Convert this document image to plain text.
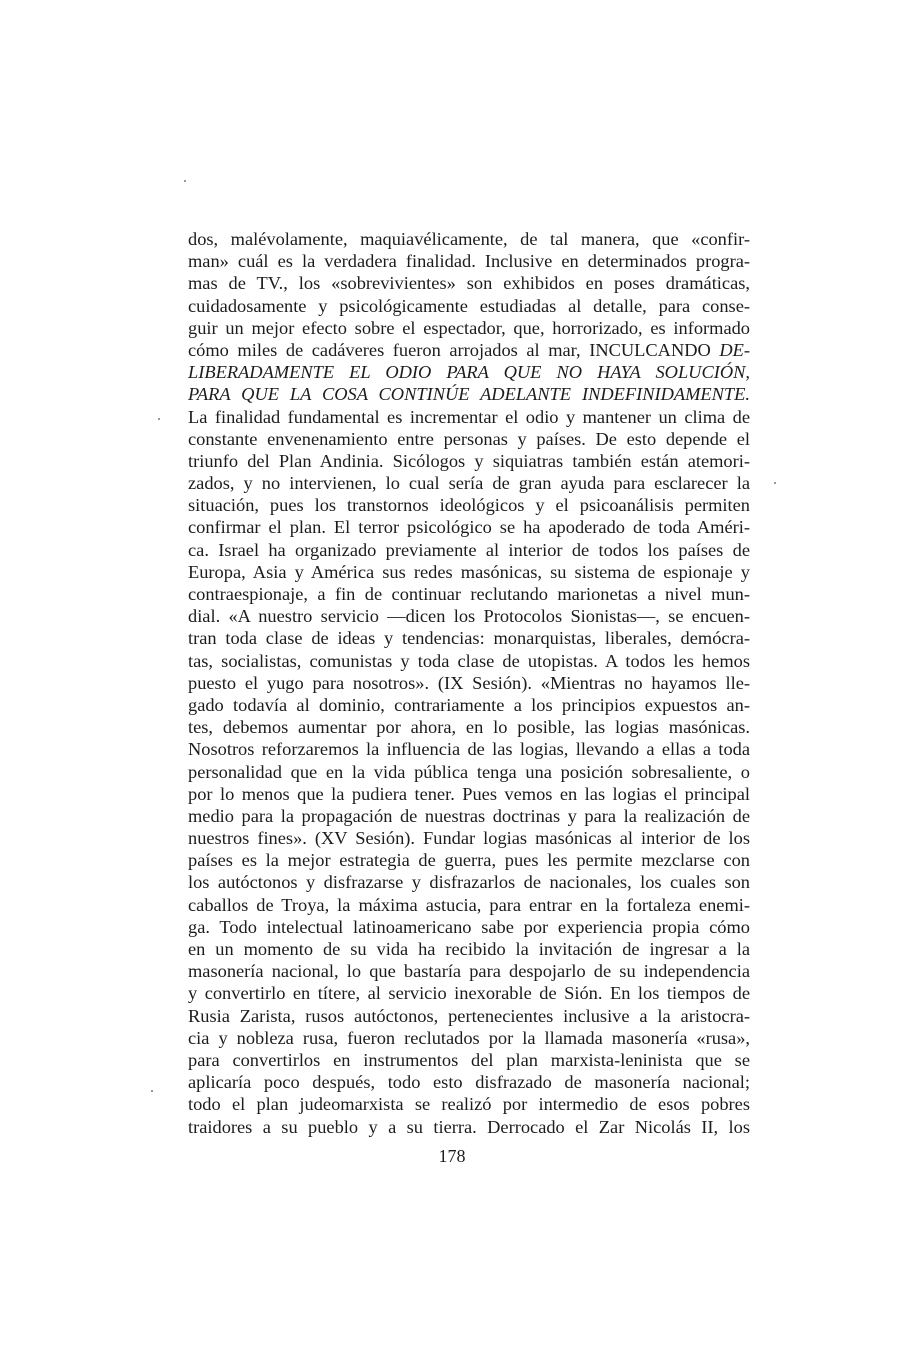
dos, malévolamente, maquiavélicamente, de tal manera, que «confir-
man» cuál es la verdadera finalidad. Inclusive en determinados progra-
mas de TV., los «sobrevivientes» son exhibidos en poses dramáticas,
cuidadosamente y psicológicamente estudiadas al detalle, para conse-
guir un mejor efecto sobre el espectador, que, horrorizado, es informado
cómo miles de cadáveres fueron arrojados al mar, INCULCANDO DE-
LIBERADAMENTE EL ODIO PARA QUE NO HAYA SOLUCIÓN,
PARA QUE LA COSA CONTINÚE ADELANTE INDEFINIDAMENTE.
La finalidad fundamental es incrementar el odio y mantener un clima de
constante envenenamiento entre personas y países. De esto depende el
triunfo del Plan Andinia. Sicólogos y siquiatras también están atemori-
zados, y no intervienen, lo cual sería de gran ayuda para esclarecer la
situación, pues los transtornos ideológicos y el psicoanálisis permiten
confirmar el plan. El terror psicológico se ha apoderado de toda Améri-
ca. Israel ha organizado previamente al interior de todos los países de
Europa, Asia y América sus redes masónicas, su sistema de espionaje y
contraespionaje, a fin de continuar reclutando marionetas a nivel mun-
dial. «A nuestro servicio —dicen los Protocolos Sionistas—, se encuen-
tran toda clase de ideas y tendencias: monarquistas, liberales, demócra-
tas, socialistas, comunistas y toda clase de utopistas. A todos les hemos
puesto el yugo para nosotros». (IX Sesión). «Mientras no hayamos lle-
gado todavía al dominio, contrariamente a los principios expuestos an-
tes, debemos aumentar por ahora, en lo posible, las logias masónicas.
Nosotros reforzaremos la influencia de las logias, llevando a ellas a toda
personalidad que en la vida pública tenga una posición sobresaliente, o
por lo menos que la pudiera tener. Pues vemos en las logias el principal
medio para la propagación de nuestras doctrinas y para la realización de
nuestros fines». (XV Sesión). Fundar logias masónicas al interior de los
países es la mejor estrategia de guerra, pues les permite mezclarse con
los autóctonos y disfrazarse y disfrazarlos de nacionales, los cuales son
caballos de Troya, la máxima astucia, para entrar en la fortaleza enemi-
ga. Todo intelectual latinoamericano sabe por experiencia propia cómo
en un momento de su vida ha recibido la invitación de ingresar a la
masonería nacional, lo que bastaría para despojarlo de su independencia
y convertirlo en títere, al servicio inexorable de Sión. En los tiempos de
Rusia Zarista, rusos autóctonos, pertenecientes inclusive a la aristocra-
cia y nobleza rusa, fueron reclutados por la llamada masonería «rusa»,
para convertirlos en instrumentos del plan marxista-leninista que se
aplicaría poco después, todo esto disfrazado de masonería nacional;
todo el plan judeomarxista se realizó por intermedio de esos pobres
traidores a su pueblo y a su tierra. Derrocado el Zar Nicolás II, los
178
